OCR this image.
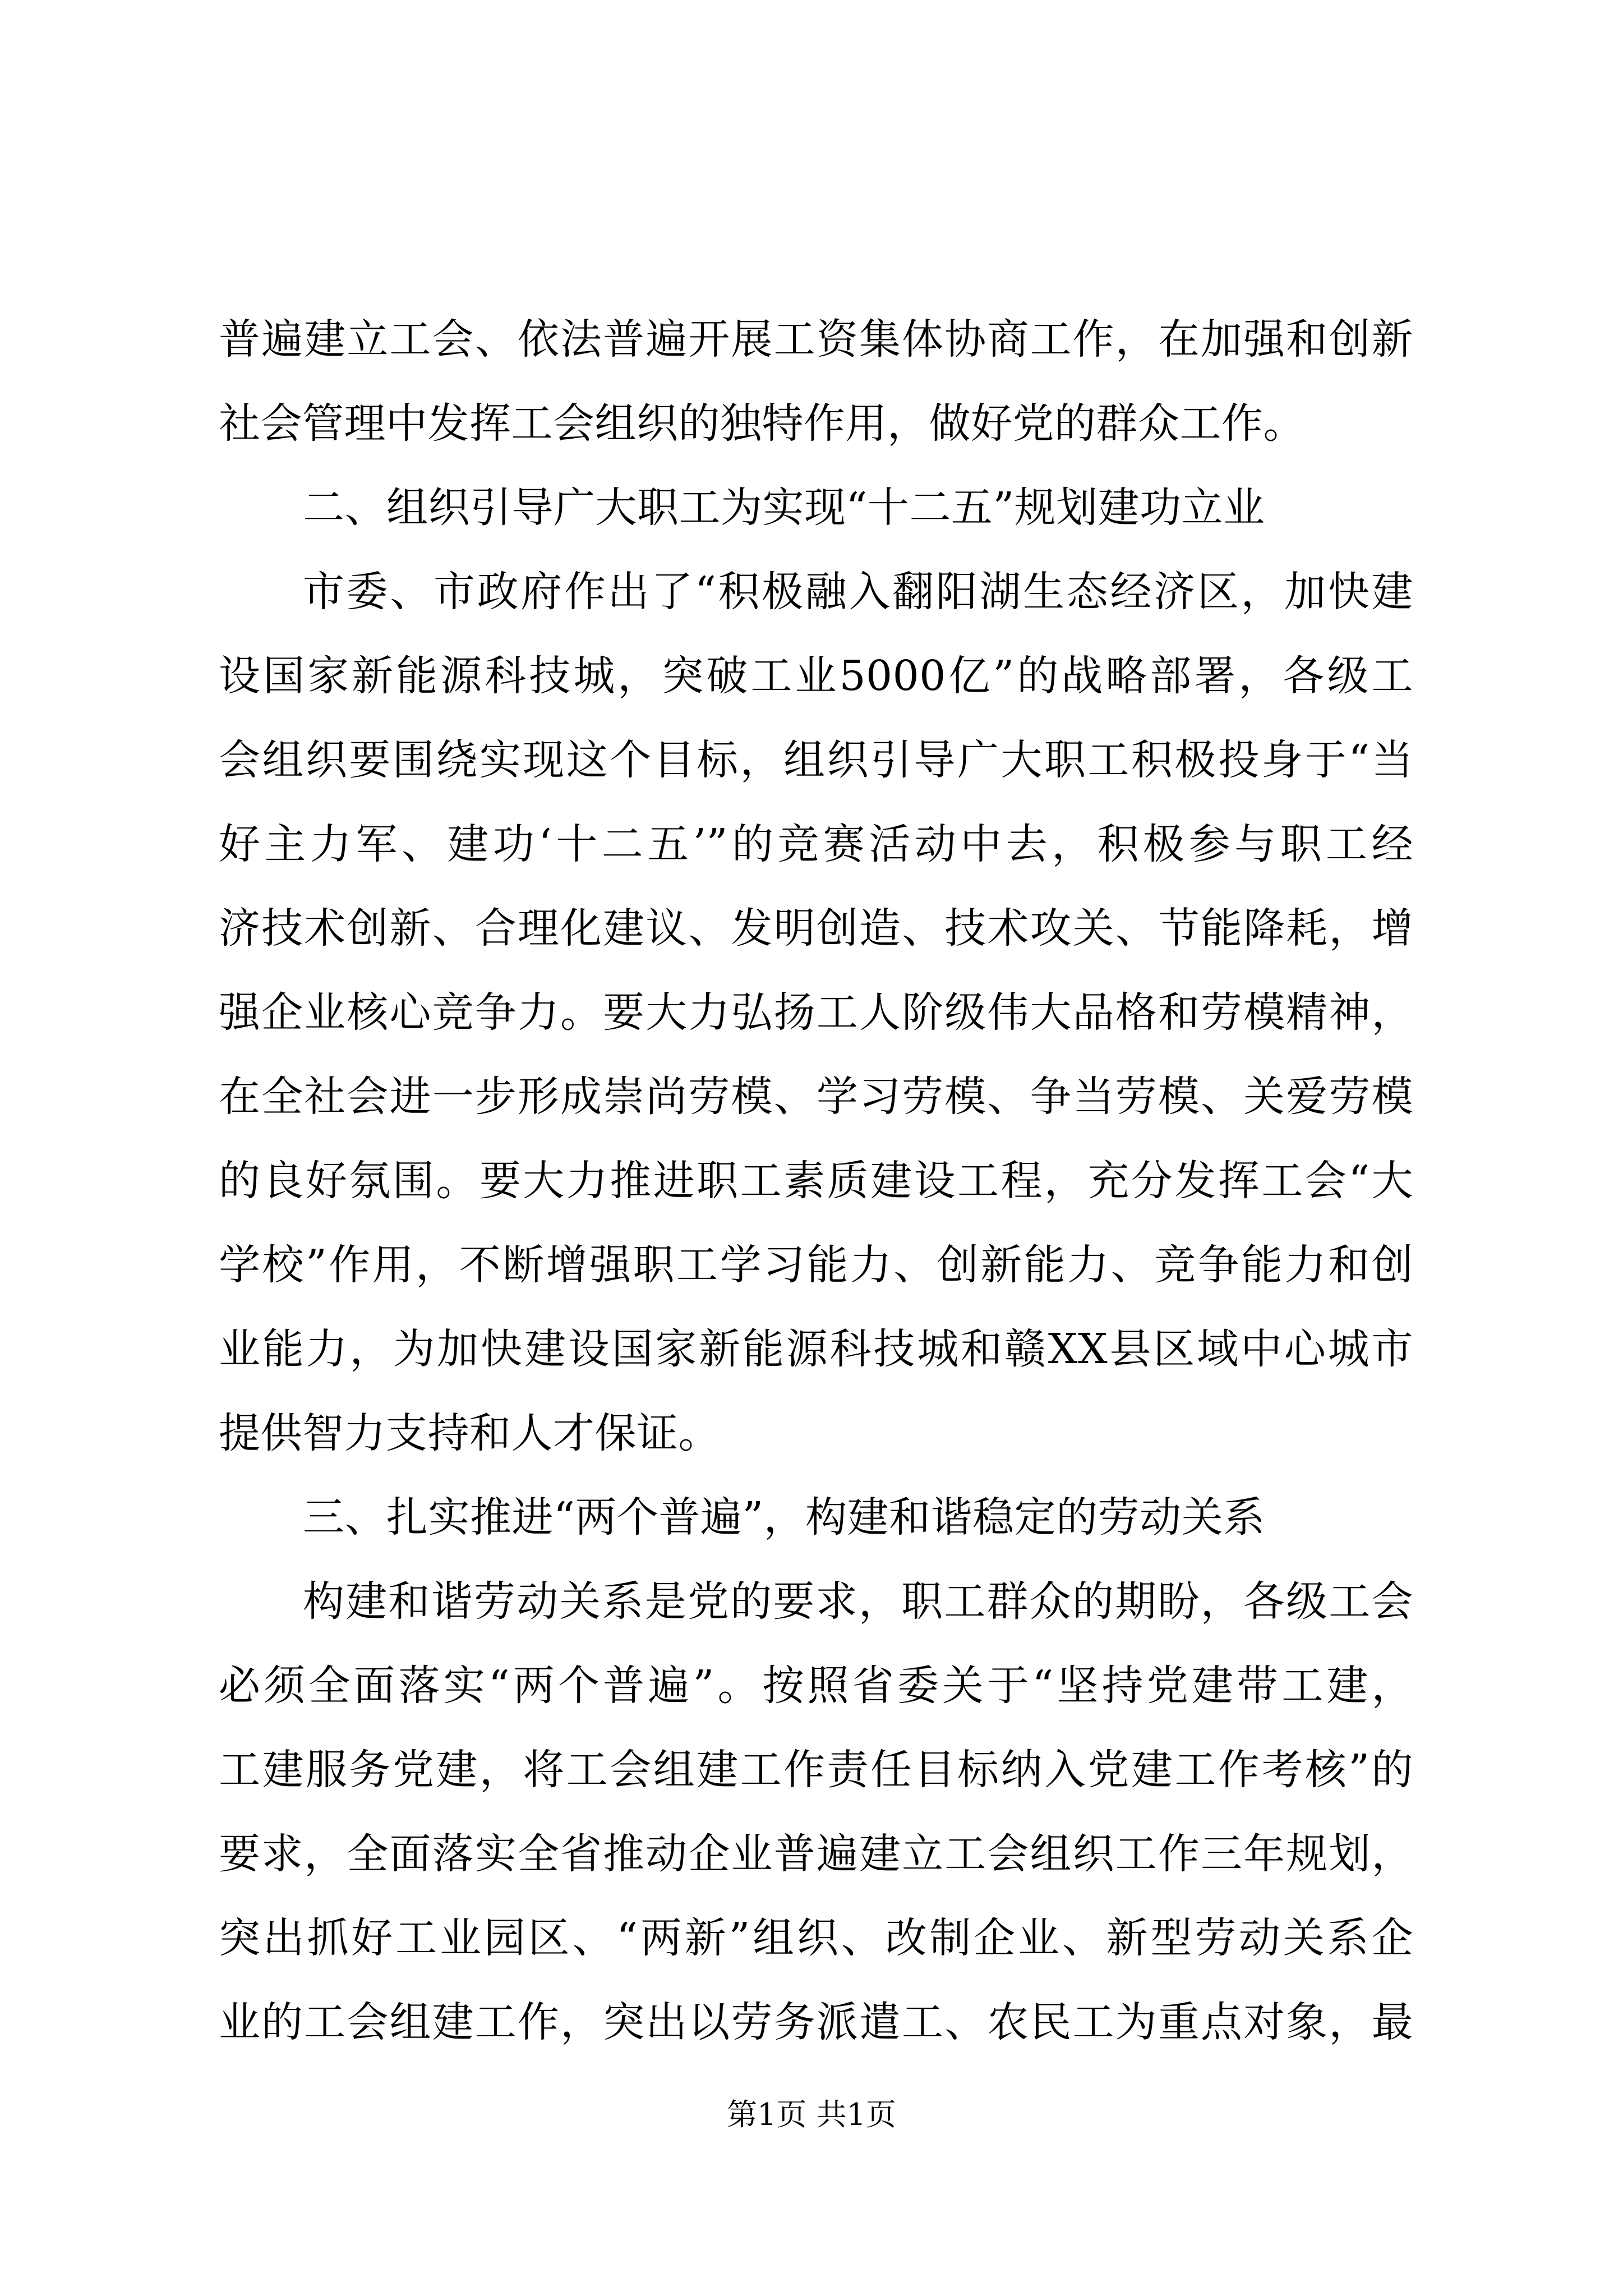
普遍建立工会、依法普遍开展工资集体协商工作，在加强和创新
社会管理中发挥工会组织的独特作用，做好党的群众工作。
二、组织引导广大职工为实现“十二五”规划建功立业
市委、市政府作出了“积极融入翻阳湖生态经济区，加快建
设国家新能源科技城，突破工业5000亿”的战略部署，各级工
会组织要围绕实现这个目标，组织引导广大职工积极投身于“当
好主力军、建功‘十二五’”的竞赛活动中去，积极参与职工经
济技术创新、合理化建议、发明创造、技术攻关、节能降耗，增
强企业核心竞争力。要大力弘扬工人阶级伟大品格和劳模精神，
在全社会进一步形成崇尚劳模、学习劳模、争当劳模、关爱劳模
的良好氛围。要大力推进职工素质建设工程，充分发挥工会“大
学校”作用，不断增强职工学习能力、创新能力、竞争能力和创
业能力，为加快建设国家新能源科技城和赣XX县区域中心城市
提供智力支持和人才保证。
三、扎实推进“两个普遍”，构建和谐稳定的劳动关系
构建和谐劳动关系是党的要求，职工群众的期盼，各级工会
必须全面落实“两个普遍”。按照省委关于“坚持党建带工建，
工建服务党建，将工会组建工作责任目标纳入党建工作考核”的
要求，全面落实全省推动企业普遍建立工会组织工作三年规划，
突出抓好工业园区、“两新”组织、改制企业、新型劳动关系企
业的工会组建工作，突出以劳务派遣工、农民工为重点对象，最
第1页 共1页
